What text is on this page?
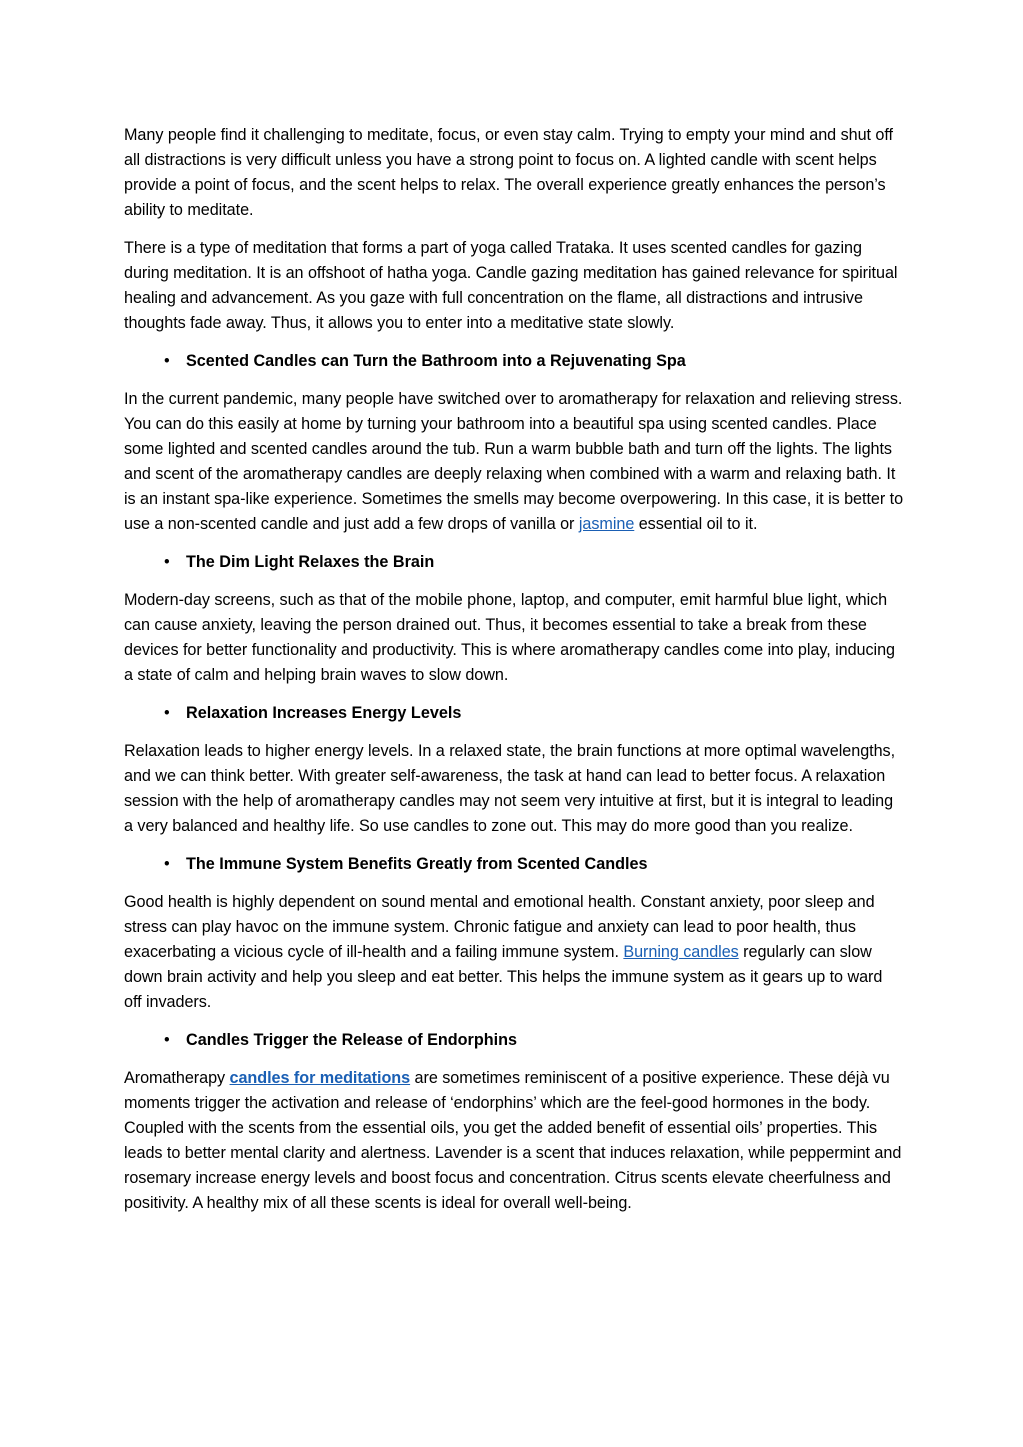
Many people find it challenging to meditate, focus, or even stay calm. Trying to empty your mind and shut off all distractions is very difficult unless you have a strong point to focus on. A lighted candle with scent helps provide a point of focus, and the scent helps to relax. The overall experience greatly enhances the person’s ability to meditate.

There is a type of meditation that forms a part of yoga called Trataka. It uses scented candles for gazing during meditation. It is an offshoot of hatha yoga. Candle gazing meditation has gained relevance for spiritual healing and advancement. As you gaze with full concentration on the flame, all distractions and intrusive thoughts fade away. Thus, it allows you to enter into a meditative state slowly.

•	Scented Candles can Turn the Bathroom into a Rejuvenating Spa

In the current pandemic, many people have switched over to aromatherapy for relaxation and relieving stress. You can do this easily at home by turning your bathroom into a beautiful spa using scented candles. Place some lighted and scented candles around the tub. Run a warm bubble bath and turn off the lights. The lights and scent of the aromatherapy candles are deeply relaxing when combined with a warm and relaxing bath. It is an instant spa-like experience. Sometimes the smells may become overpowering. In this case, it is better to use a non-scented candle and just add a few drops of vanilla or jasmine essential oil to it.

•	The Dim Light Relaxes the Brain

Modern-day screens, such as that of the mobile phone, laptop, and computer, emit harmful blue light, which can cause anxiety, leaving the person drained out. Thus, it becomes essential to take a break from these devices for better functionality and productivity. This is where aromatherapy candles come into play, inducing a state of calm and helping brain waves to slow down.

•	Relaxation Increases Energy Levels

Relaxation leads to higher energy levels. In a relaxed state, the brain functions at more optimal wavelengths, and we can think better. With greater self-awareness, the task at hand can lead to better focus. A relaxation session with the help of aromatherapy candles may not seem very intuitive at first, but it is integral to leading a very balanced and healthy life. So use candles to zone out. This may do more good than you realize.

•	The Immune System Benefits Greatly from Scented Candles

Good health is highly dependent on sound mental and emotional health. Constant anxiety, poor sleep and stress can play havoc on the immune system. Chronic fatigue and anxiety can lead to poor health, thus exacerbating a vicious cycle of ill-health and a failing immune system. Burning candles regularly can slow down brain activity and help you sleep and eat better. This helps the immune system as it gears up to ward off invaders.

•	Candles Trigger the Release of Endorphins

Aromatherapy candles for meditations are sometimes reminiscent of a positive experience. These déjà vu moments trigger the activation and release of ‘endorphins’ which are the feel-good hormones in the body. Coupled with the scents from the essential oils, you get the added benefit of essential oils’ properties. This leads to better mental clarity and alertness. Lavender is a scent that induces relaxation, while peppermint and rosemary increase energy levels and boost focus and concentration. Citrus scents elevate cheerfulness and positivity. A healthy mix of all these scents is ideal for overall well-being.
